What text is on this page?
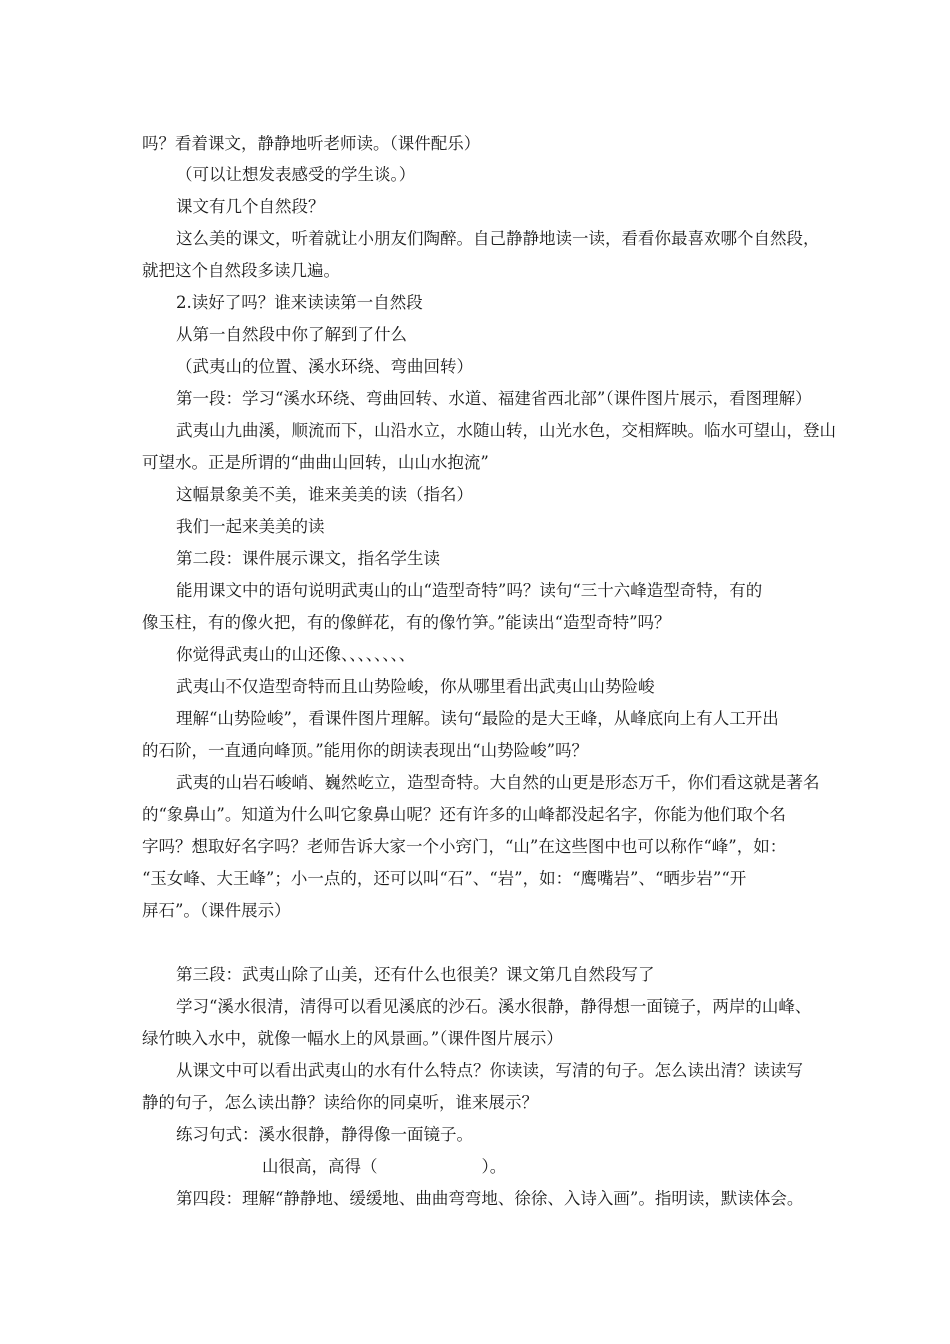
吗？看着课文，静静地听老师读。（课件配乐）
（可以让想发表感受的学生谈。）
课文有几个自然段？
这么美的课文，听着就让小朋友们陶醉。自己静静地读一读，看看你最喜欢哪个自然段，
就把这个自然段多读几遍。
2.读好了吗？谁来读读第一自然段
从第一自然段中你了解到了什么
（武夷山的位置、溪水环绕、弯曲回转）
第一段：学习“溪水环绕、弯曲回转、水道、福建省西北部”（课件图片展示，看图理解）
武夷山九曲溪，顺流而下，山沿水立，水随山转，山光水色，交相辉映。临水可望山，登山
可望水。正是所谓的“曲曲山回转，山山水抱流”
这幅景象美不美，谁来美美的读（指名）
我们一起来美美的读
第二段：课件展示课文，指名学生读
能用课文中的语句说明武夷山的山“造型奇特”吗？读句“三十六峰造型奇特，有的
像玉柱，有的像火把，有的像鲜花，有的像竹笋。”能读出“造型奇特”吗？
你觉得武夷山的山还像、、、、、、、、
武夷山不仅造型奇特而且山势险峻，你从哪里看出武夷山山势险峻
理解“山势险峻”，看课件图片理解。读句“最险的是大王峰，从峰底向上有人工开出
的石阶，一直通向峰顶。”能用你的朗读表现出“山势险峻”吗？
武夷的山岩石峻峭、巍然屹立，造型奇特。大自然的山更是形态万千，你们看这就是著名
的“象鼻山”。知道为什么叫它象鼻山呢？还有许多的山峰都没起名字，你能为他们取个名
字吗？想取好名字吗？老师告诉大家一个小窍门，“山”在这些图中也可以称作“峰”，如：
“玉女峰、大王峰”；小一点的，还可以叫“石”、“岩”，如：“鹰嘴岩”、“晒步岩”“开
屏石”。（课件展示）
第三段：武夷山除了山美，还有什么也很美？课文第几自然段写了
学习“溪水很清，清得可以看见溪底的沙石。溪水很静，静得想一面镜子，两岸的山峰、
绿竹映入水中，就像一幅水上的风景画。”（课件图片展示）
从课文中可以看出武夷山的水有什么特点？你读读，写清的句子。怎么读出清？读读写
静的句子，怎么读出静？读给你的同桌听，谁来展示？
练习句式：溪水很静，静得像一面镜子。
山很高，高得（	）。
第四段：理解“静静地、缓缓地、曲曲弯弯地、徐徐、入诗入画”。指明读，默读体会。
